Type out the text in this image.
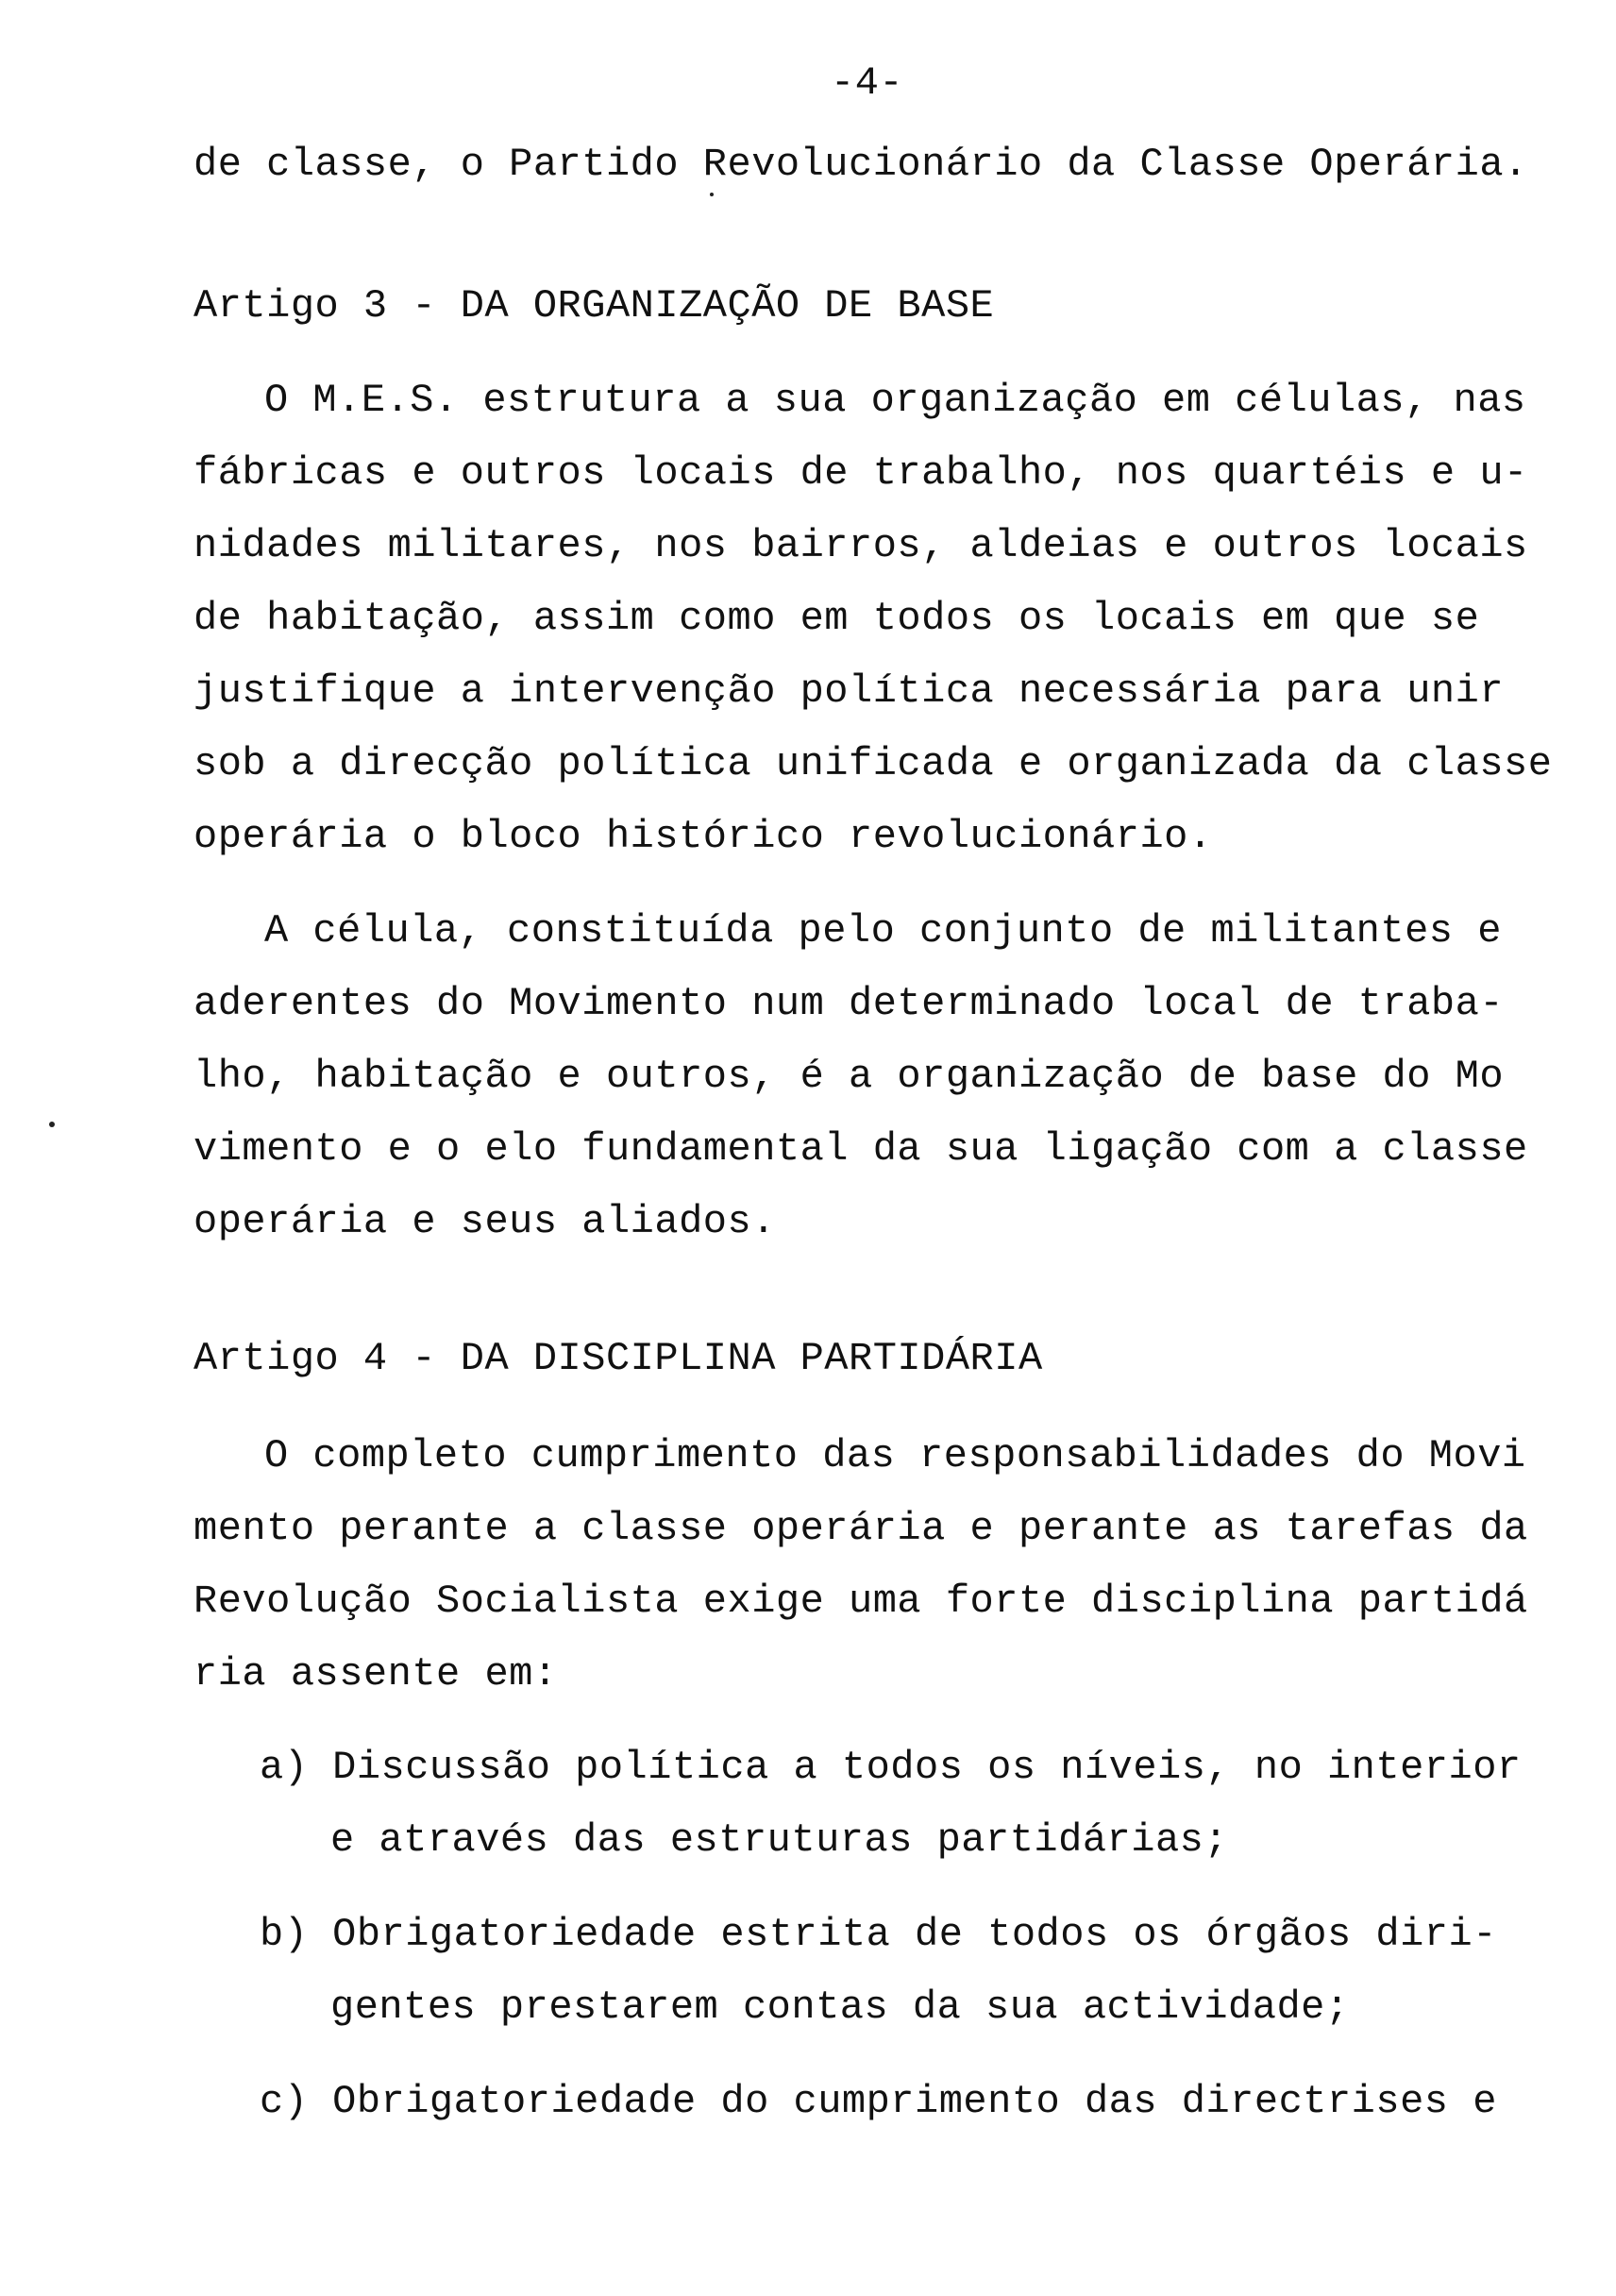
-4-
de classe, o Partido Revolucionário da Classe Operária.
Artigo 3 - DA ORGANIZAÇÃO DE BASE
O M.E.S. estrutura a sua organização em células, nas
fábricas e outros locais de trabalho, nos quartéis e u-
nidades militares, nos bairros, aldeias e outros locais
de habitação, assim como em todos os locais em que se
justifique a intervenção política necessária para unir
sob a direcção política unificada e organizada da classe
operária o bloco histórico revolucionário.
A célula, constituída pelo conjunto de militantes e
aderentes do Movimento num determinado local de traba-
lho, habitação e outros, é a organização de base do Mo
vimento e o elo fundamental da sua ligação com a classe
operária e seus aliados.
Artigo 4 - DA DISCIPLINA PARTIDÁRIA
O completo cumprimento das responsabilidades do Movi
mento perante a classe operária e perante as tarefas da
Revolução Socialista exige uma forte disciplina partidá
ria assente em:
a) Discussão política a todos os níveis, no interior
e através das estruturas partidárias;
b) Obrigatoriedade estrita de todos os órgãos diri-
gentes prestarem contas da sua actividade;
c) Obrigatoriedade do cumprimento das directrises e
